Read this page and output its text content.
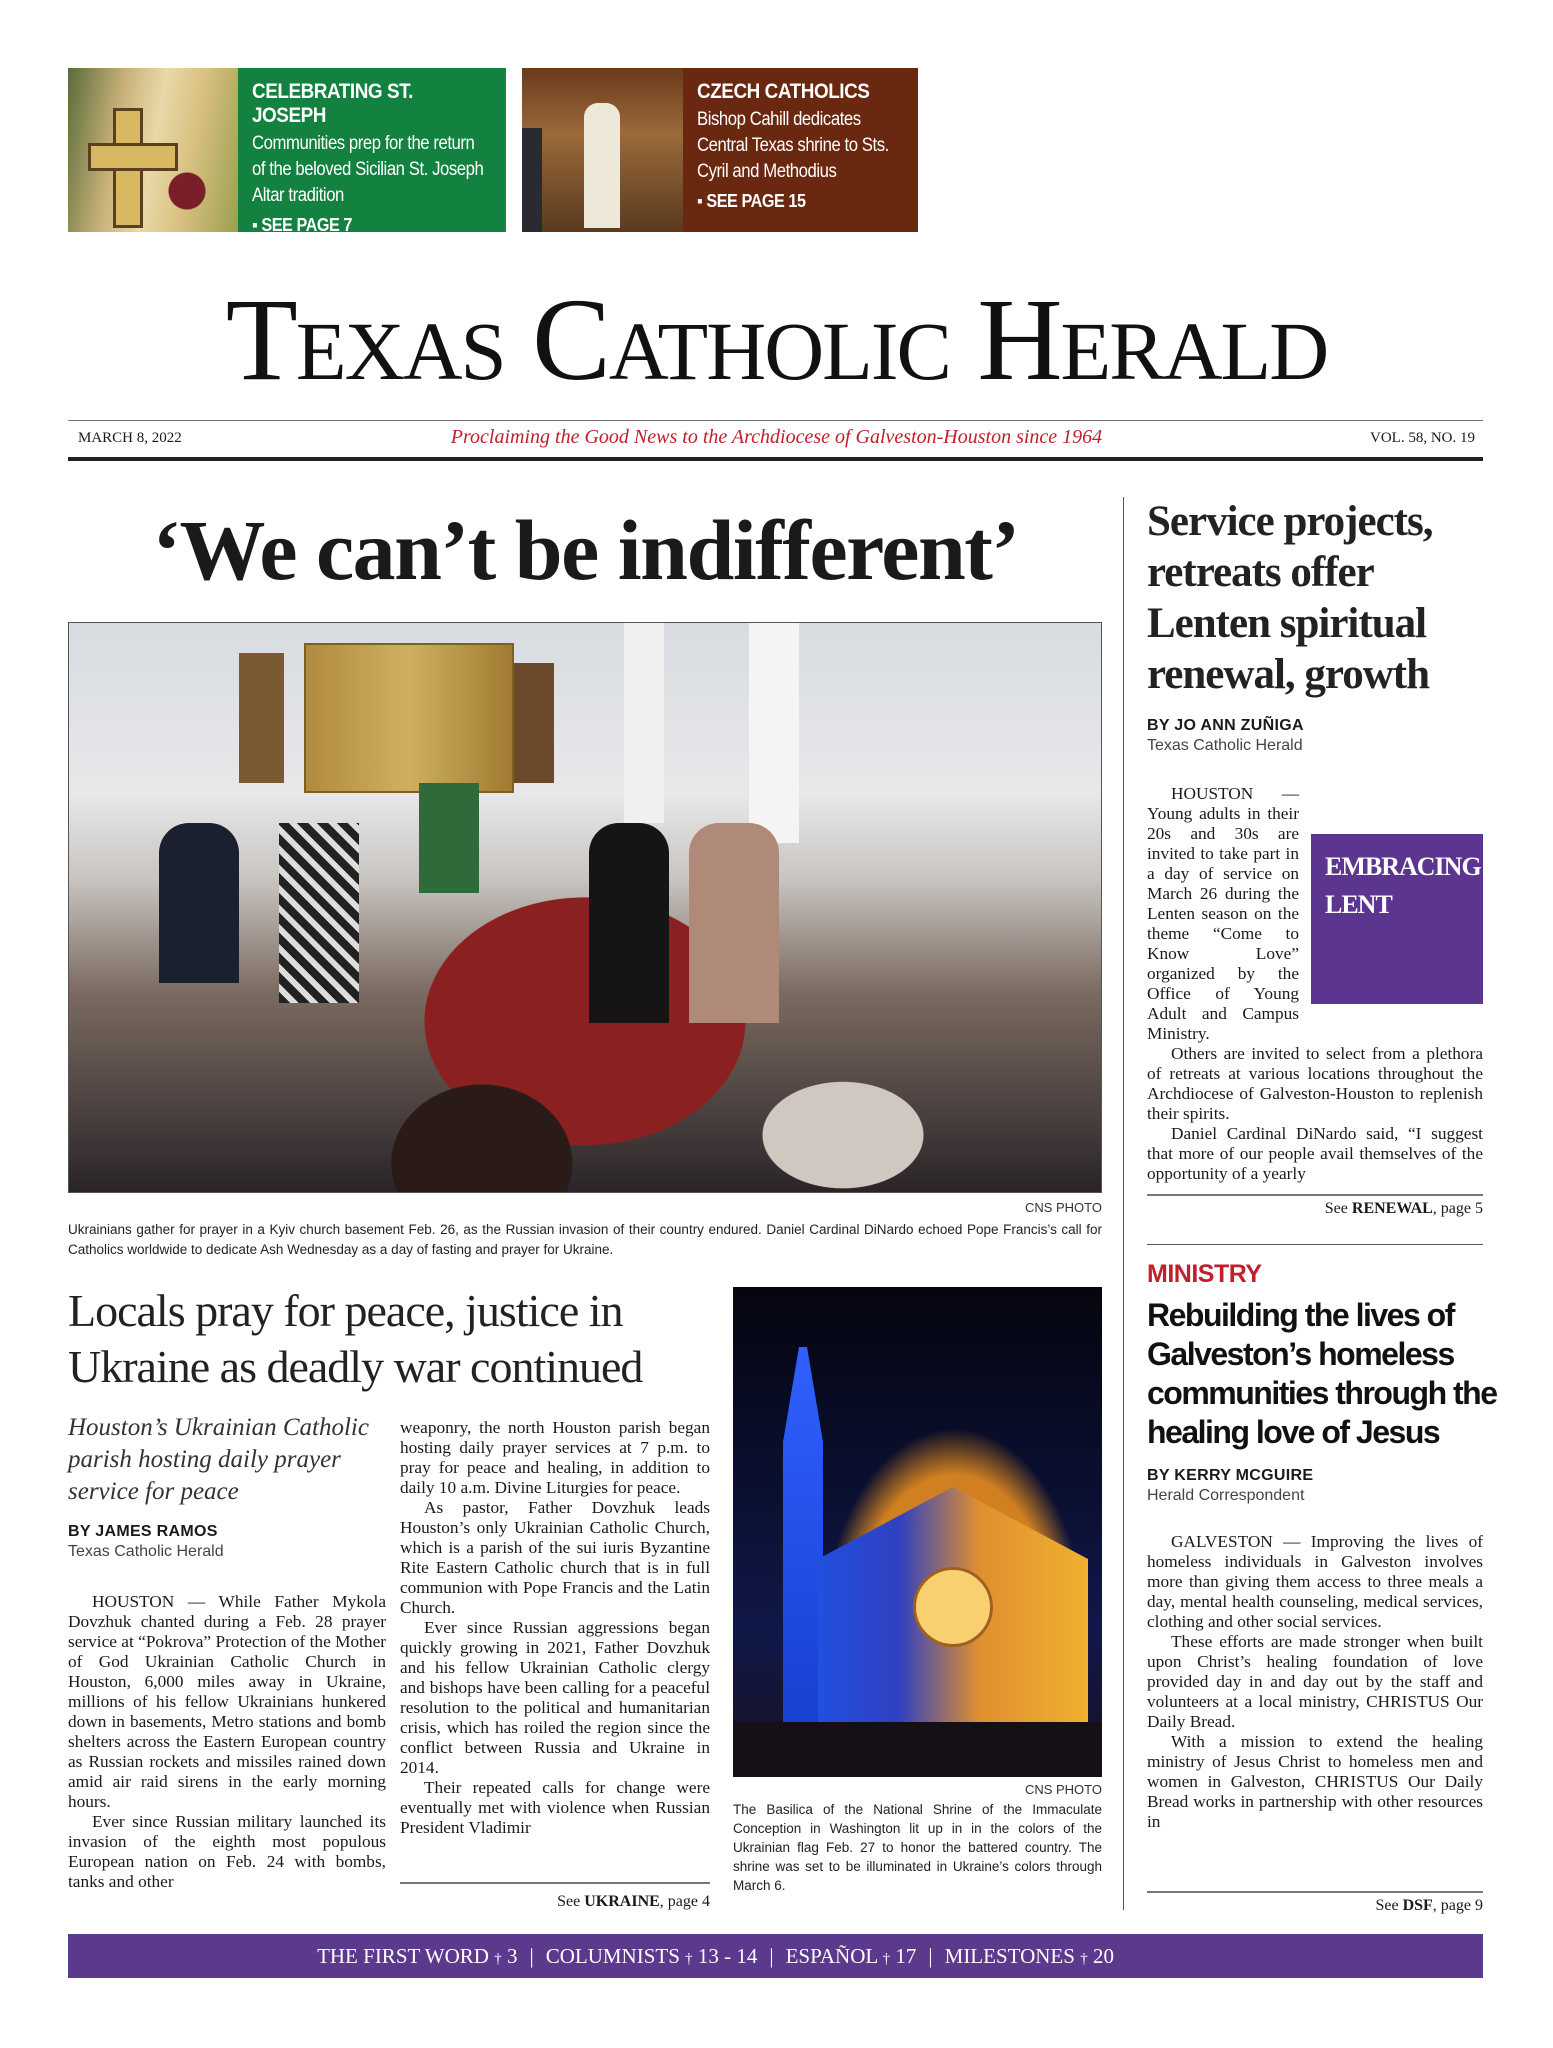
CELEBRATING ST. JOSEPH
Communities prep for the return of the beloved Sicilian St. Joseph Altar tradition
▪ SEE PAGE 7
CZECH CATHOLICS
Bishop Cahill dedicates Central Texas shrine to Sts. Cyril and Methodius
▪ SEE PAGE 15
Texas Catholic Herald
MARCH 8, 2022	Proclaiming the Good News to the Archdiocese of Galveston-Houston since 1964	VOL. 58, NO. 19
‘We can’t be indifferent’
CNS PHOTO
Ukrainians gather for prayer in a Kyiv church basement Feb. 26, as the Russian invasion of their country endured. Daniel Cardinal DiNardo echoed Pope Francis’s call for Catholics worldwide to dedicate Ash Wednesday as a day of fasting and prayer for Ukraine.
Locals pray for peace, justice in Ukraine as deadly war continued
Houston’s Ukrainian Catholic parish hosting daily prayer service for peace
BY JAMES RAMOS
Texas Catholic Herald

HOUSTON — While Father Mykola Dovzhuk chanted during a Feb. 28 prayer service at “Pokrova” Protection of the Mother of God Ukrainian Catholic Church in Houston, 6,000 miles away in Ukraine, millions of his fellow Ukrainians hunkered down in basements, Metro stations and bomb shelters across the Eastern European country as Russian rockets and missiles rained down amid air raid sirens in the early morning hours.

Ever since Russian military launched its invasion of the eighth most populous European nation on Feb. 24 with bombs, tanks and other

weaponry, the north Houston parish began hosting daily prayer services at 7 p.m. to pray for peace and healing, in addition to daily 10 a.m. Divine Liturgies for peace.

As pastor, Father Dovzhuk leads Houston’s only Ukrainian Catholic Church, which is a parish of the sui iuris Byzantine Rite Eastern Catholic church that is in full communion with Pope Francis and the Latin Church.

Ever since Russian aggressions began quickly growing in 2021, Father Dovzhuk and his fellow Ukrainian Catholic clergy and bishops have been calling for a peaceful resolution to the political and humanitarian crisis, which has roiled the region since the conflict between Russia and Ukraine in 2014.

Their repeated calls for change were eventually met with violence when Russian President Vladimir

See UKRAINE, page 4
CNS PHOTO
The Basilica of the National Shrine of the Immaculate Conception in Washington lit up in in the colors of the Ukrainian flag Feb. 27 to honor the battered country. The shrine was set to be illuminated in Ukraine’s colors through March 6.
Service projects, retreats offer Lenten spiritual renewal, growth
BY JO ANN ZUÑIGA
Texas Catholic Herald
EMBRACING LENT

HOUSTON — Young adults in their 20s and 30s are invited to take part in a day of service on March 26 during the Lenten season on the theme “Come to Know Love” organized by the Office of Young Adult and Campus Ministry.

Others are invited to select from a plethora of retreats at various locations throughout the Archdiocese of Galveston-Houston to replenish their spirits.

Daniel Cardinal DiNardo said, “I suggest that more of our people avail themselves of the opportunity of a yearly

See RENEWAL, page 5
MINISTRY
Rebuilding the lives of Galveston’s homeless communities through the healing love of Jesus
BY KERRY MCGUIRE
Herald Correspondent

GALVESTON — Improving the lives of homeless individuals in Galveston involves more than giving them access to three meals a day, mental health counseling, medical services, clothing and other social services.

These efforts are made stronger when built upon Christ’s healing foundation of love provided day in and day out by the staff and volunteers at a local ministry, CHRISTUS Our Daily Bread.

With a mission to extend the healing ministry of Jesus Christ to homeless men and women in Galveston, CHRISTUS Our Daily Bread works in partnership with other resources in

See DSF, page 9
THE FIRST WORD † 3 | COLUMNISTS † 13 - 14 | ESPAÑOL † 17 | MILESTONES † 20
